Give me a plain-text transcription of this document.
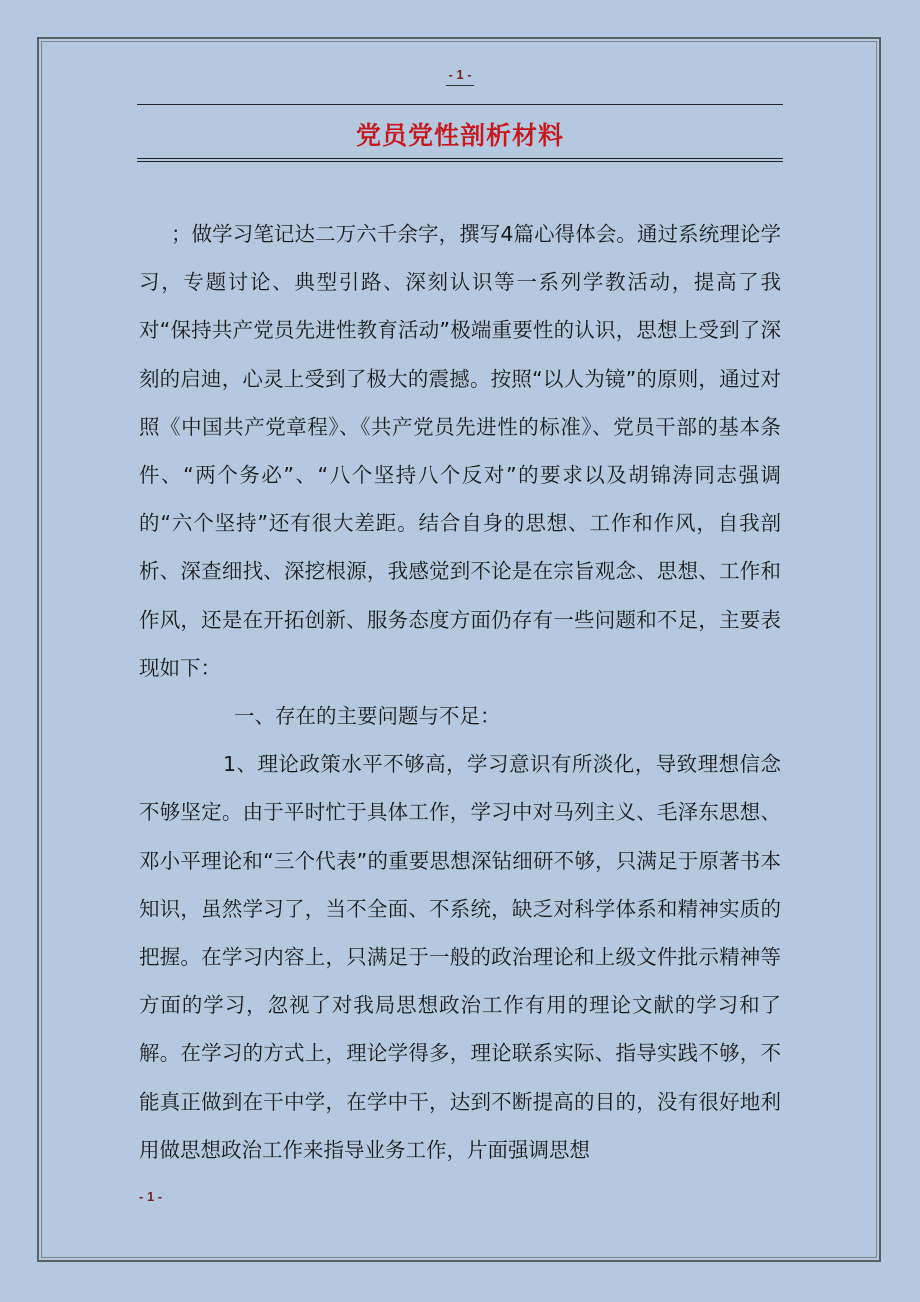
- 1 -
党员党性剖析材料

；做学习笔记达二万六千余字，撰写4篇心得体会。通过系统理论学习，专题讨论、典型引路、深刻认识等一系列学教活动，提高了我对“保持共产党员先进性教育活动”极端重要性的认识，思想上受到了深刻的启迪，心灵上受到了极大的震撼。按照“以人为镜”的原则，通过对照《中国共产党章程》、《共产党员先进性的标准》、党员干部的基本条件、“两个务必”、“八个坚持八个反对”的要求以及胡锦涛同志强调的“六个坚持”还有很大差距。结合自身的思想、工作和作风，自我剖析、深查细找、深挖根源，我感觉到不论是在宗旨观念、思想、工作和作风，还是在开拓创新、服务态度方面仍存有一些问题和不足，主要表现如下：

一、存在的主要问题与不足：

1、理论政策水平不够高，学习意识有所淡化，导致理想信念不够坚定。由于平时忙于具体工作，学习中对马列主义、毛泽东思想、邓小平理论和“三个代表”的重要思想深钻细研不够，只满足于原著书本知识，虽然学习了，当不全面、不系统，缺乏对科学体系和精神实质的把握。在学习内容上，只满足于一般的政治理论和上级文件批示精神等方面的学习，忽视了对我局思想政治工作有用的理论文献的学习和了解。在学习的方式上，理论学得多，理论联系实际、指导实践不够，不能真正做到在干中学，在学中干，达到不断提高的目的，没有很好地利用做思想政治工作来指导业务工作，片面强调思想

- 1 -
